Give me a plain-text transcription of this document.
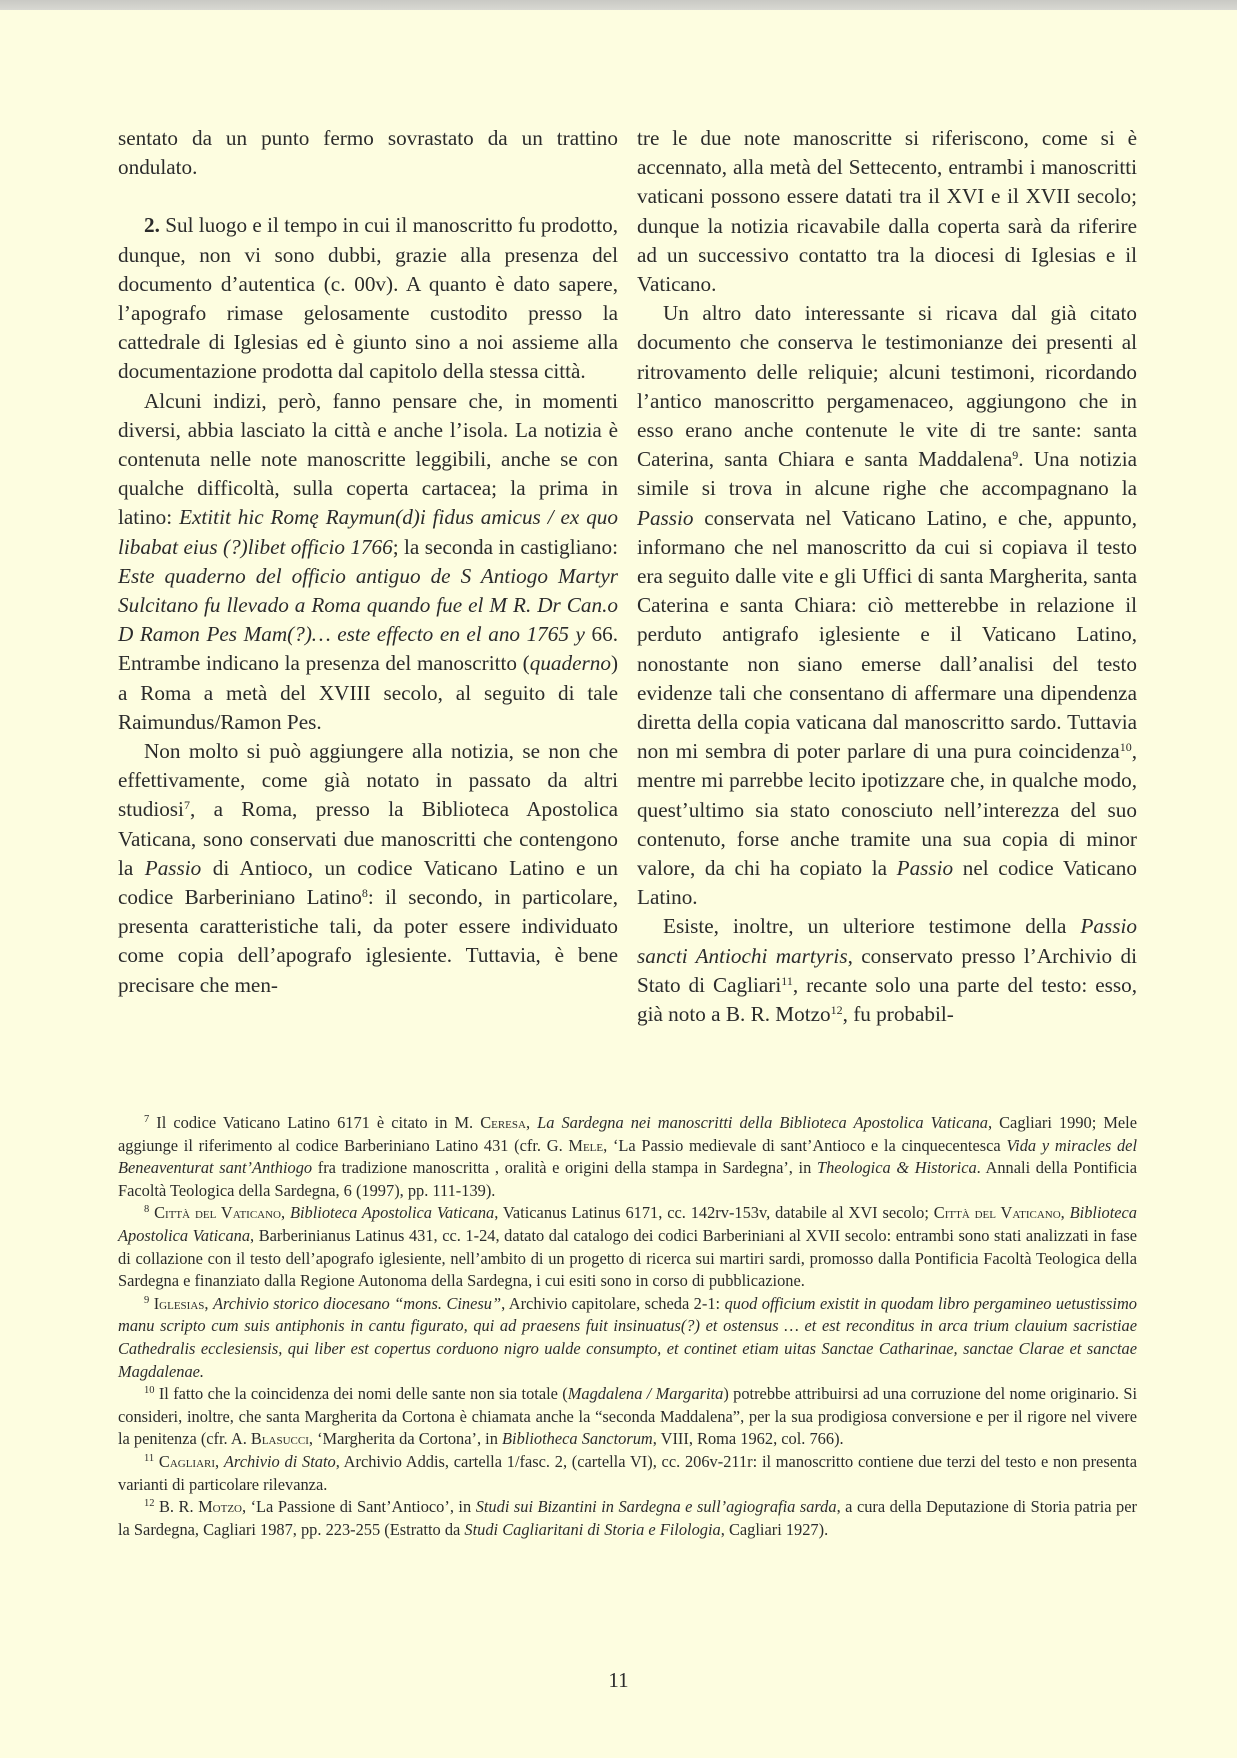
sentato da un punto fermo sovrastato da un trattino ondulato.

2. Sul luogo e il tempo in cui il manoscritto fu prodotto, dunque, non vi sono dubbi, grazie alla presenza del documento d’autentica (c. 00v). A quanto è dato sapere, l’apografo rimase gelosamente custodito presso la cattedrale di Iglesias ed è giunto sino a noi assieme alla documentazione prodotta dal capitolo della stessa città.

Alcuni indizi, però, fanno pensare che, in momenti diversi, abbia lasciato la città e anche l’isola. La notizia è contenuta nelle note manoscritte leggibili, anche se con qualche difficoltà, sulla coperta cartacea; la prima in latino: Extitit hic Romę Raymun(d)i fidus amicus / ex quo libabat eius (?)libet officio 1766; la seconda in castigliano: Este quaderno del officio antiguo de S Antiogo Martyr Sulcitano fu llevado a Roma quando fue el M R. Dr Can.o D Ramon Pes Mam(?)… este effecto en el ano 1765 y 66. Entrambe indicano la presenza del manoscritto (quaderno) a Roma a metà del XVIII secolo, al seguito di tale Raimundus/Ramon Pes.

Non molto si può aggiungere alla notizia, se non che effettivamente, come già notato in passato da altri studiosi$^7$, a Roma, presso la Biblioteca Apostolica Vaticana, sono conservati due manoscritti che contengono la Passio di Antioco, un codice Vaticano Latino e un codice Barberiniano Latino$^8$: il secondo, in particolare, presenta caratteristiche tali, da poter essere individuato come copia dell’apografo iglesiente. Tuttavia, è bene precisare che men-

tre le due note manoscritte si riferiscono, come si è accennato, alla metà del Settecento, entrambi i manoscritti vaticani possono essere datati tra il XVI e il XVII secolo; dunque la notizia ricavabile dalla coperta sarà da riferire ad un successivo contatto tra la diocesi di Iglesias e il Vaticano.

Un altro dato interessante si ricava dal già citato documento che conserva le testimonianze dei presenti al ritrovamento delle reliquie; alcuni testimoni, ricordando l’antico manoscritto pergamenaceo, aggiungono che in esso erano anche contenute le vite di tre sante: santa Caterina, santa Chiara e santa Maddalena$^9$. Una notizia simile si trova in alcune righe che accompagnano la Passio conservata nel Vaticano Latino, e che, appunto, informano che nel manoscritto da cui si copiava il testo era seguito dalle vite e gli Uffici di santa Margherita, santa Caterina e santa Chiara: ciò metterebbe in relazione il perduto antigrafo iglesiente e il Vaticano Latino, nonostante non siano emerse dall’analisi del testo evidenze tali che consentano di affermare una dipendenza diretta della copia vaticana dal manoscritto sardo. Tuttavia non mi sembra di poter parlare di una pura coincidenza$^{10}$, mentre mi parrebbe lecito ipotizzare che, in qualche modo, quest’ultimo sia stato conosciuto nell’interezza del suo contenuto, forse anche tramite una sua copia di minor valore, da chi ha copiato la Passio nel codice Vaticano Latino.

Esiste, inoltre, un ulteriore testimone della Passio sancti Antiochi martyris, conservato presso l’Archivio di Stato di Cagliari$^{11}$, recante solo una parte del testo: esso, già noto a B. R. Motzo$^{12}$, fu probabil-

$^7$ Il codice Vaticano Latino 6171 è citato in M. Ceresa, La Sardegna nei manoscritti della Biblioteca Apostolica Vaticana, Cagliari 1990; Mele aggiunge il riferimento al codice Barberiniano Latino 431 (cfr. G. Mele, ‘La Passio medievale di sant’Antioco e la cinquecentesca Vida y miracles del Beneaventurat sant’Anthiogo fra tradizione manoscritta , oralità e origini della stampa in Sardegna’, in Theologica & Historica. Annali della Pontificia Facoltà Teologica della Sardegna, 6 (1997), pp. 111-139).

$^8$ Città del Vaticano, Biblioteca Apostolica Vaticana, Vaticanus Latinus 6171, cc. 142rv-153v, databile al XVI secolo; Città del Vaticano, Biblioteca Apostolica Vaticana, Barberinianus Latinus 431, cc. 1-24, datato dal catalogo dei codici Barberiniani al XVII secolo: entrambi sono stati analizzati in fase di collazione con il testo dell’apografo iglesiente, nell’ambito di un progetto di ricerca sui martiri sardi, promosso dalla Pontificia Facoltà Teologica della Sardegna e finanziato dalla Regione Autonoma della Sardegna, i cui esiti sono in corso di pubblicazione.

$^9$ Iglesias, Archivio storico diocesano “mons. Cinesu”, Archivio capitolare, scheda 2-1: quod officium existit in quodam libro pergamineo uetustissimo manu scripto cum suis antiphonis in cantu figurato, qui ad praesens fuit insinuatus(?) et ostensus … et est reconditus in arca trium clauium sacristiae Cathedralis ecclesiensis, qui liber est copertus corduono nigro ualde consumpto, et continet etiam uitas Sanctae Catharinae, sanctae Clarae et sanctae Magdalenae.

$^{10}$ Il fatto che la coincidenza dei nomi delle sante non sia totale (Magdalena / Margarita) potrebbe attribuirsi ad una corruzione del nome originario. Si consideri, inoltre, che santa Margherita da Cortona è chiamata anche la “seconda Maddalena”, per la sua prodigiosa conversione e per il rigore nel vivere la penitenza (cfr. A. Blasucci, ‘Margherita da Cortona’, in Bibliotheca Sanctorum, VIII, Roma 1962, col. 766).

$^{11}$ Cagliari, Archivio di Stato, Archivio Addis, cartella 1/fasc. 2, (cartella VI), cc. 206v-211r: il manoscritto contiene due terzi del testo e non presenta varianti di particolare rilevanza.

$^{12}$ B. R. Motzo, ‘La Passione di Sant’Antioco’, in Studi sui Bizantini in Sardegna e sull’agiografia sarda, a cura della Deputazione di Storia patria per la Sardegna, Cagliari 1987, pp. 223-255 (Estratto da Studi Cagliaritani di Storia e Filologia, Cagliari 1927).

11
